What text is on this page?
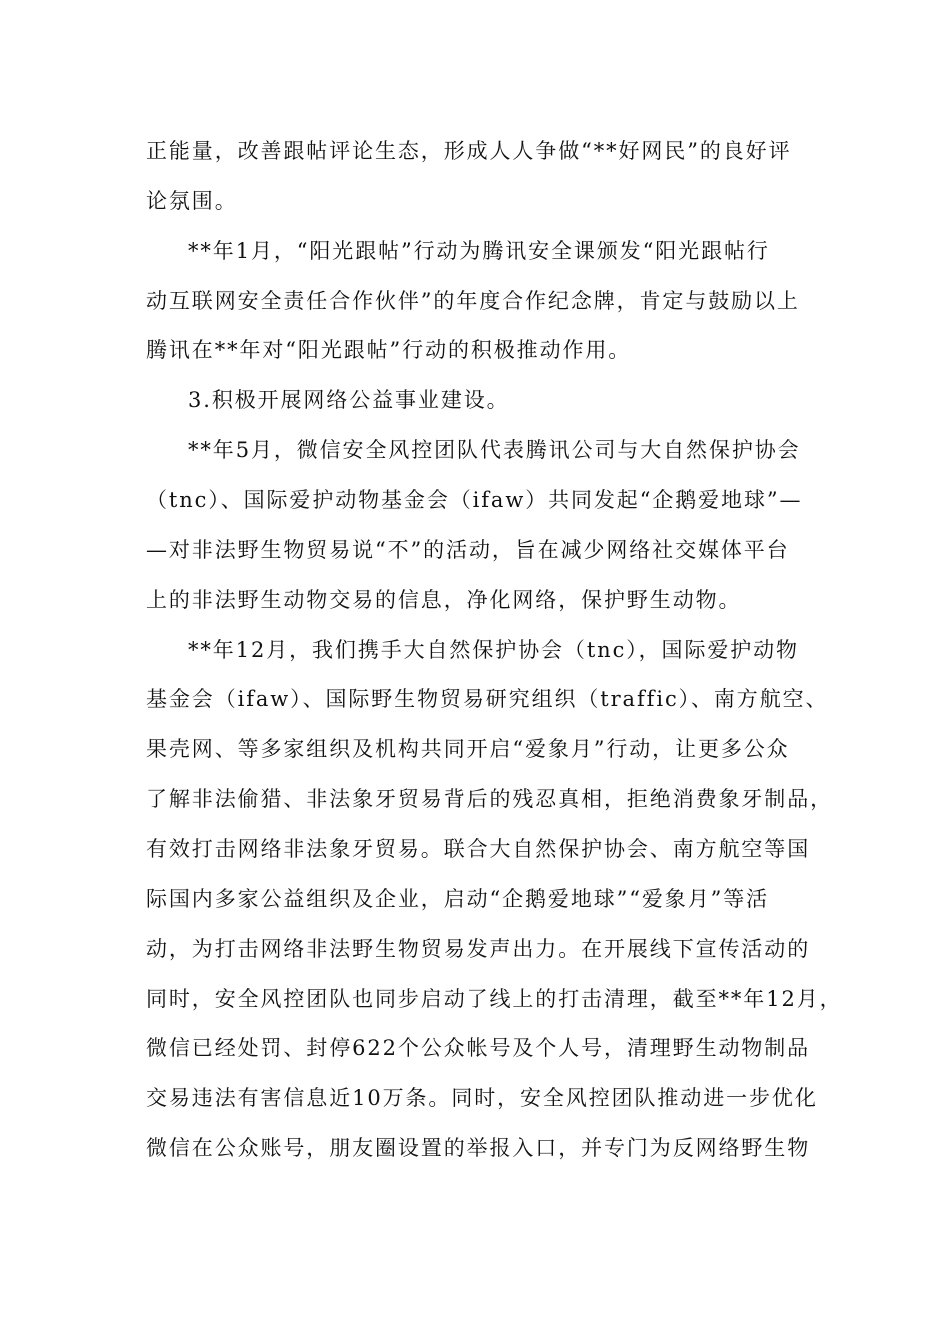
正能量，改善跟帖评论生态，形成人人争做“**好网民”的良好评
论氛围。
**年1月，“阳光跟帖”行动为腾讯安全课颁发“阳光跟帖行
动互联网安全责任合作伙伴”的年度合作纪念牌，肯定与鼓励以上
腾讯在**年对“阳光跟帖”行动的积极推动作用。
3.积极开展网络公益事业建设。
**年5月，微信安全风控团队代表腾讯公司与大自然保护协会
（tnc）、国际爱护动物基金会（ifaw）共同发起“企鹅爱地球”—
—对非法野生物贸易说“不”的活动，旨在减少网络社交媒体平台
上的非法野生动物交易的信息，净化网络，保护野生动物。
**年12月，我们携手大自然保护协会（tnc），国际爱护动物
基金会（ifaw）、国际野生物贸易研究组织（traffic）、南方航空、
果壳网、等多家组织及机构共同开启“爱象月”行动，让更多公众
了解非法偷猎、非法象牙贸易背后的残忍真相，拒绝消费象牙制品，
有效打击网络非法象牙贸易。联合大自然保护协会、南方航空等国
际国内多家公益组织及企业，启动“企鹅爱地球”“爱象月”等活
动，为打击网络非法野生物贸易发声出力。在开展线下宣传活动的
同时，安全风控团队也同步启动了线上的打击清理，截至**年12月，
微信已经处罚、封停622个公众帐号及个人号，清理野生动物制品
交易违法有害信息近10万条。同时，安全风控团队推动进一步优化
微信在公众账号，朋友圈设置的举报入口，并专门为反网络野生物
